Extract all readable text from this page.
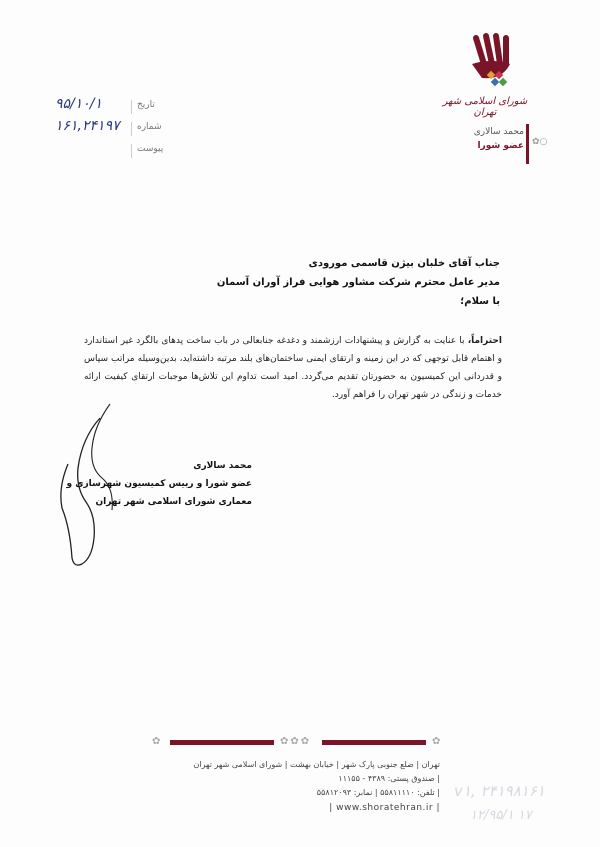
شورای اسلامی شهر تهران
محمد سالاری
عضو شورا ✿○
۹۵/۱۰/۱	تاریخ
۱۶۱,۲۴۱۹۷ شماره
پیوست
جناب آقای خلبان بیژن قاسمی مورودی
مدیر عامل محترم شرکت مشاور هوایی فراز آوران آسمان
با سلام؛
احتراماً، با عنایت به گزارش و پیشنهادات ارزشمند و دغدغه جنابعالی در باب ساخت پدهای بالگرد غیر استاندارد و اهتمام قابل توجهی که در این زمینه و ارتقای ایمنی ساختمان‌های بلند مرتبه داشته‌اید، بدین‌وسیله مراتب سپاس و قدردانی این کمیسیون به حضورتان تقدیم می‌گردد. امید است تداوم این تلاش‌ها موجبات ارتقای کیفیت ارائه خدمات و زندگی در شهر تهران را فراهم آورد.
محمد سالاری
عضو شورا و رییس کمیسیون شهرسازی و
معماری شورای اسلامی شهر تهران
✿	✿✿✿	✿
v۱, ۲۴۱۹۸۱۶۱
۱۲/۹۵/۱ ۱۷
تهران | ضلع جنوبی پارک شهر | خیابان بهشت | شورای اسلامی شهر تهران
| صندوق پستی: ۴۳۸۹ - ۱۱۱۵۵
| تلفن: ۵۵۸۱۱۱۱۰ | نمابر: ۵۵۸۱۲۰۹۳
| www.shoratehran.ir |
